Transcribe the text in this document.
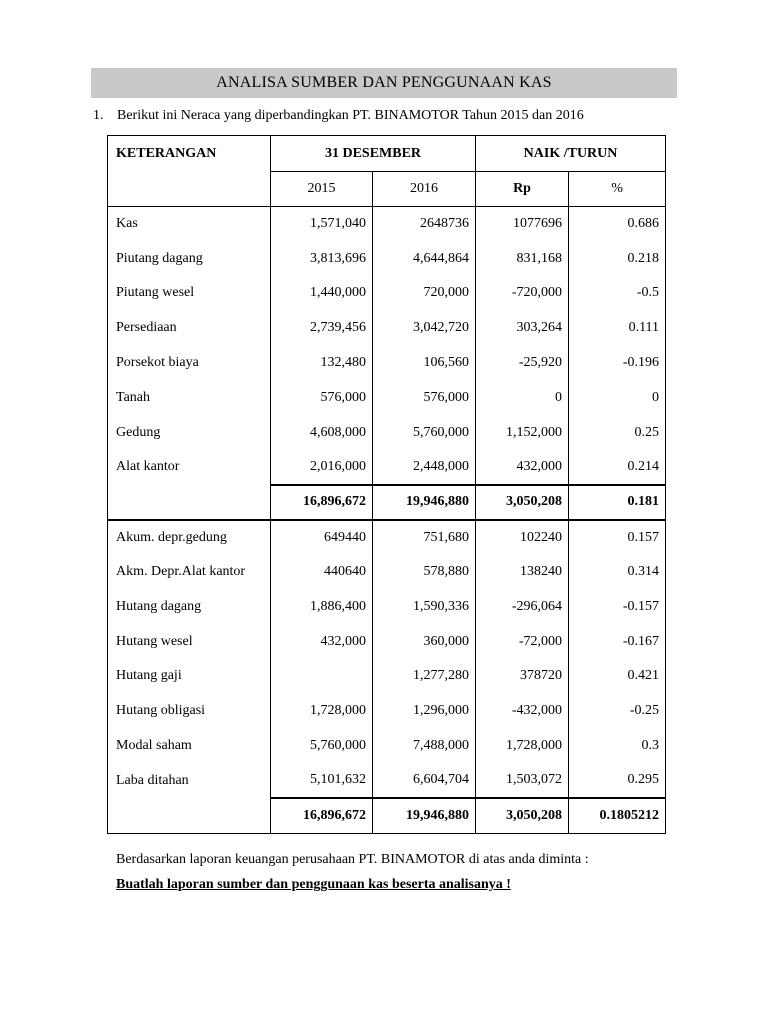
ANALISA SUMBER DAN PENGGUNAAN KAS
1. Berikut ini Neraca yang diperbandingkan PT. BINAMOTOR Tahun 2015 dan 2016
KETERANGAN	31 DESEMBER		NAIK /TURUN	
	2015	2016	Rp	%
Kas	1,571,040	2648736	1077696	0.686
Piutang dagang	3,813,696	4,644,864	831,168	0.218
Piutang wesel	1,440,000	720,000	-720,000	-0.5
Persediaan	2,739,456	3,042,720	303,264	0.111
Porsekot biaya	132,480	106,560	-25,920	-0.196
Tanah	576,000	576,000	0	0
Gedung	4,608,000	5,760,000	1,152,000	0.25
Alat kantor	2,016,000	2,448,000	432,000	0.214
	16,896,672	19,946,880	3,050,208	0.181
Akum. depr.gedung	649440	751,680	102240	0.157
Akm. Depr.Alat kantor	440640	578,880	138240	0.314
Hutang dagang	1,886,400	1,590,336	-296,064	-0.157
Hutang wesel	432,000	360,000	-72,000	-0.167
Hutang gaji		1,277,280	378720	0.421
Hutang obligasi	1,728,000	1,296,000	-432,000	-0.25
Modal saham	5,760,000	7,488,000	1,728,000	0.3
Laba ditahan	5,101,632	6,604,704	1,503,072	0.295
	16,896,672	19,946,880	3,050,208	0.1805212
Berdasarkan laporan keuangan perusahaan PT. BINAMOTOR di atas anda diminta :
Buatlah laporan sumber dan penggunaan kas beserta analisanya !
